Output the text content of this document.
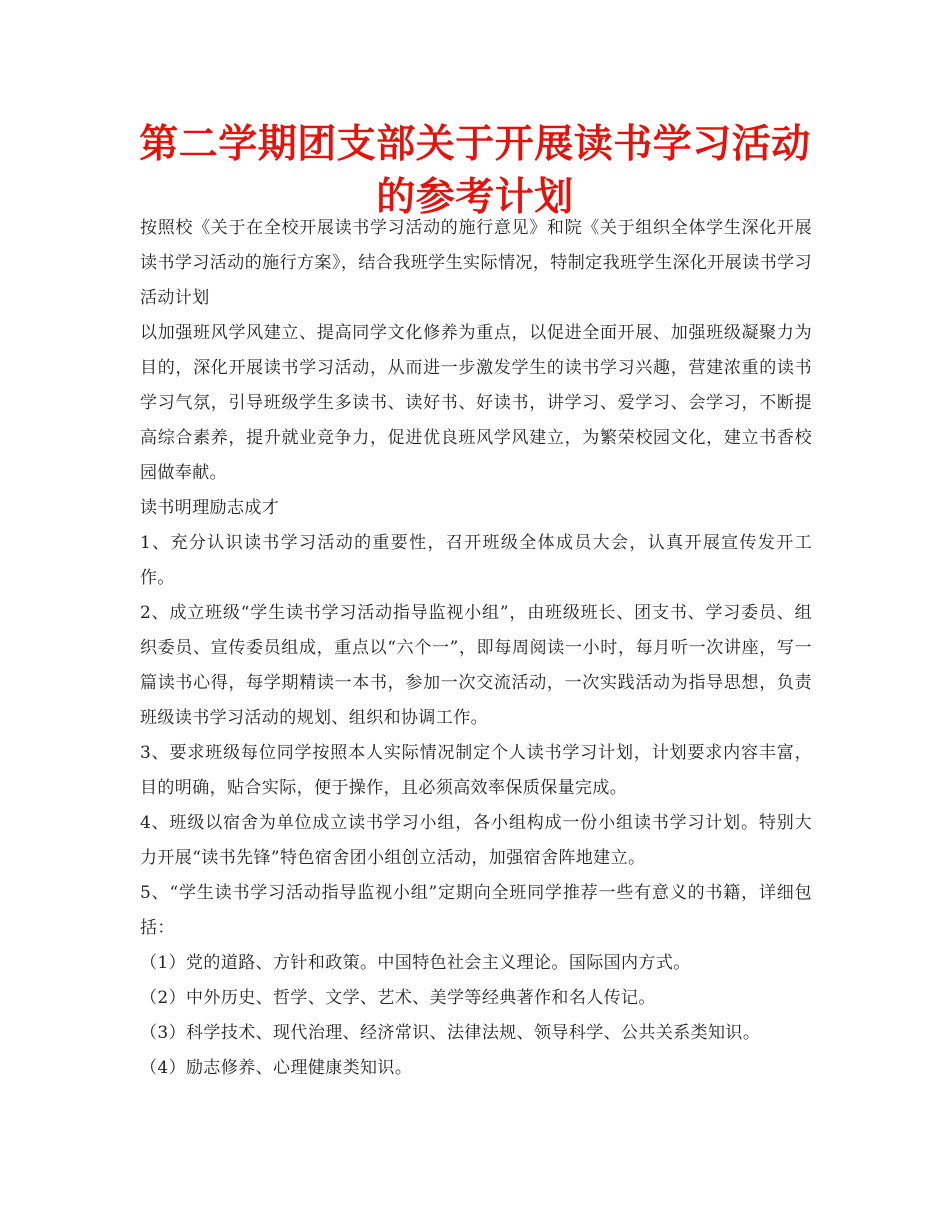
第二学期团支部关于开展读书学习活动的参考计划

按照校《关于在全校开展读书学习活动的施行意见》和院《关于组织全体学生深化开展读书学习活动的施行方案》，结合我班学生实际情况，特制定我班学生深化开展读书学习活动计划

以加强班风学风建立、提高同学文化修养为重点，以促进全面开展、加强班级凝聚力为目的，深化开展读书学习活动，从而进一步激发学生的读书学习兴趣，营建浓重的读书学习气氛，引导班级学生多读书、读好书、好读书，讲学习、爱学习、会学习，不断提高综合素养，提升就业竞争力，促进优良班风学风建立，为繁荣校园文化，建立书香校园做奉献。

读书明理励志成才

1、充分认识读书学习活动的重要性，召开班级全体成员大会，认真开展宣传发开工作。

2、成立班级“学生读书学习活动指导监视小组”，由班级班长、团支书、学习委员、组织委员、宣传委员组成，重点以“六个一”，即每周阅读一小时，每月听一次讲座，写一篇读书心得，每学期精读一本书，参加一次交流活动，一次实践活动为指导思想，负责班级读书学习活动的规划、组织和协调工作。

3、要求班级每位同学按照本人实际情况制定个人读书学习计划，计划要求内容丰富，目的明确，贴合实际，便于操作，且必须高效率保质保量完成。

4、班级以宿舍为单位成立读书学习小组，各小组构成一份小组读书学习计划。特别大力开展“读书先锋”特色宿舍团小组创立活动，加强宿舍阵地建立。

5、“学生读书学习活动指导监视小组”定期向全班同学推荐一些有意义的书籍，详细包括：

（1）党的道路、方针和政策。中国特色社会主义理论。国际国内方式。

（2）中外历史、哲学、文学、艺术、美学等经典著作和名人传记。

（3）科学技术、现代治理、经济常识、法律法规、领导科学、公共关系类知识。

（4）励志修养、心理健康类知识。
